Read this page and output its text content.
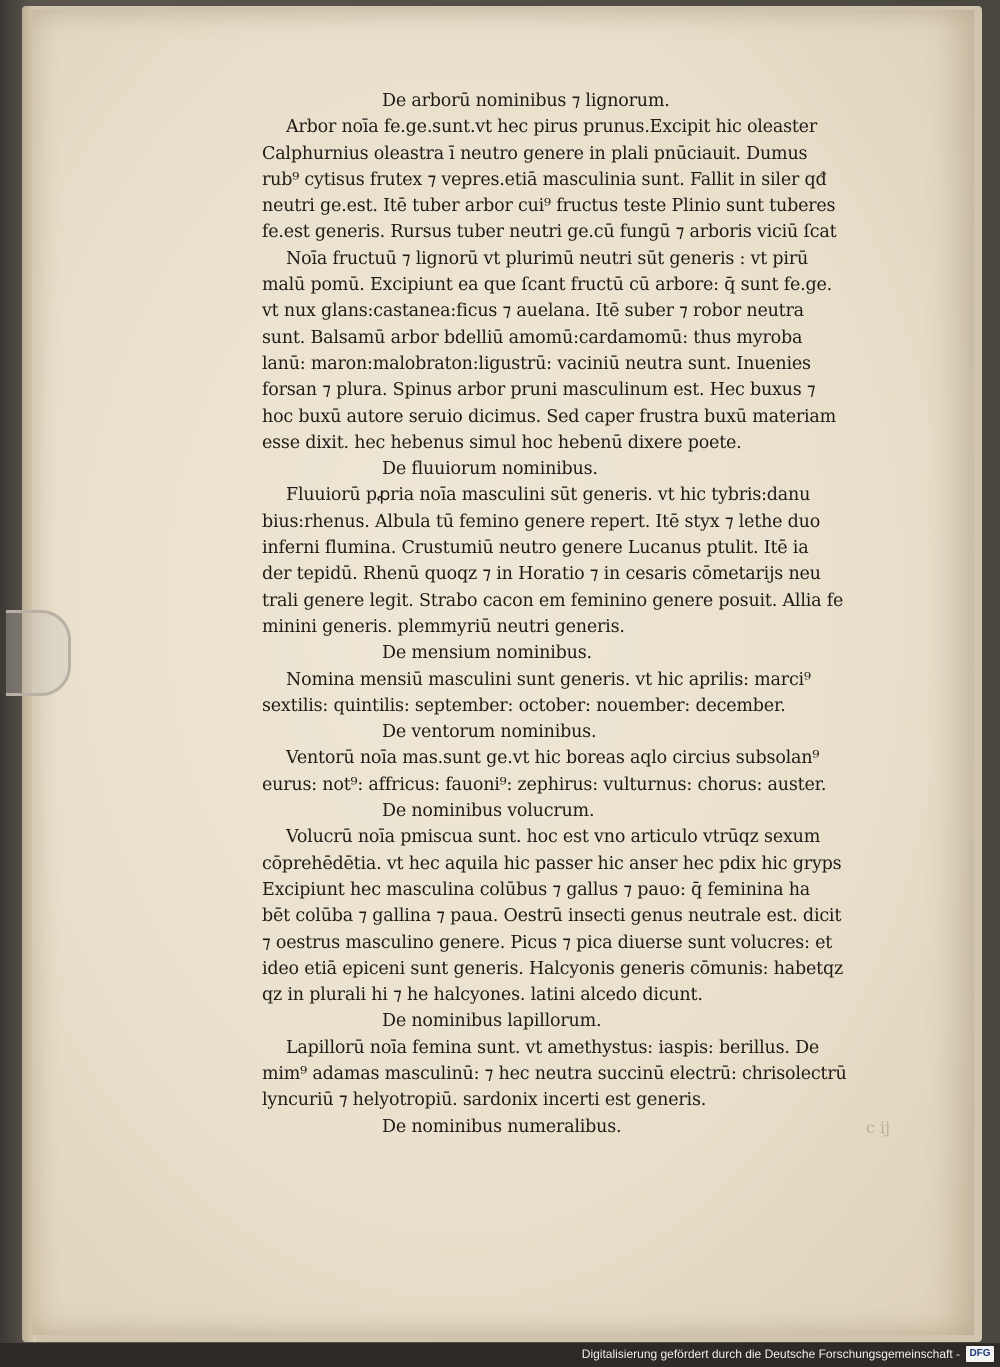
De arborū nominibus ⁊ lignorum.
Arbor noīa fe.ge.sunt.vt hec pirus prunus.Excipit hic oleaster
Calphurnius oleastra ī neutro genere in plali pnūciauit. Dumus
rub⁹ cytisus frutex ⁊ vepres.etiā masculinia sunt. Fallit in siler qđ
neutri ge.est. Itē tuber arbor cui⁹ fructus teste Plinio sunt tuberes
fe.est generis. Rursus tuber neutri ge.cū fungū ⁊ arboris viciū ſcat
Noīa fructuū ⁊ lignorū vt plurimū neutri sūt generis : vt pirū
malū pomū. Excipiunt ea que ſcant fructū cū arbore: q̄ sunt fe.ge.
vt nux glans:castanea:ficus ⁊ auelana. Itē suber ⁊ robor neutra
sunt. Balsamū arbor bdelliū amomū:cardamomū: thus myroba
lanū: maron:malobraton:ligustrū: vaciniū neutra sunt. Inuenies
forsan ⁊ plura. Spinus arbor pruni masculinum est. Hec buxus ⁊
hoc buxū autore seruio dicimus. Sed caper frustra buxū materiam
esse dixit. hec hebenus simul hoc hebenū dixere poete.
De fluuiorum nominibus.
Fluuiorū pꝓria noīa masculini sūt generis. vt hic tybris:danu
bius:rhenus. Albula tū femino genere repert. Itē styx ⁊ lethe duo
inferni flumina. Crustumiū neutro genere Lucanus ptulit. Itē ia
der tepidū. Rhenū quoqz ⁊ in Horatio ⁊ in cesaris cōmetarijs neu
trali genere legit. Strabo cacon em feminino genere posuit. Allia fe
minini generis. plemmyriū neutri generis.
De mensium nominibus.
Nomina mensiū masculini sunt generis. vt hic aprilis: marci⁹
sextilis: quintilis: september: october: nouember: december.
De ventorum nominibus.
Ventorū noīa mas.sunt ge.vt hic boreas aqlo circius subsolan⁹
eurus: not⁹: affricus: fauoni⁹: zephirus: vulturnus: chorus: auster.
De nominibus volucrum.
Volucrū noīa pmiscua sunt. hoc est vno articulo vtrūqz sexum
cōprehēdētia. vt hec aquila hic passer hic anser hec pdix hic gryps
Excipiunt hec masculina colūbus ⁊ gallus ⁊ pauo: q̄ feminina ha
bēt colūba ⁊ gallina ⁊ paua. Oestrū insecti genus neutrale est. dicit
⁊ oestrus masculino genere. Picus ⁊ pica diuerse sunt volucres: et
ideo etiā epiceni sunt generis. Halcyonis generis cōmunis: habetqz
qz in plurali hi ⁊ he halcyones. latini alcedo dicunt.
De nominibus lapillorum.
Lapillorū noīa femina sunt. vt amethystus: iaspis: berillus. De
mim⁹ adamas masculinū: ⁊ hec neutra succinū electrū: chrisolectrū
lyncuriū ⁊ helyotropiū. sardonix incerti est generis.
De nominibus numeralibus.	c ij
Digitalisierung gefördert durch die Deutsche Forschungsgemeinschaft - DFG
